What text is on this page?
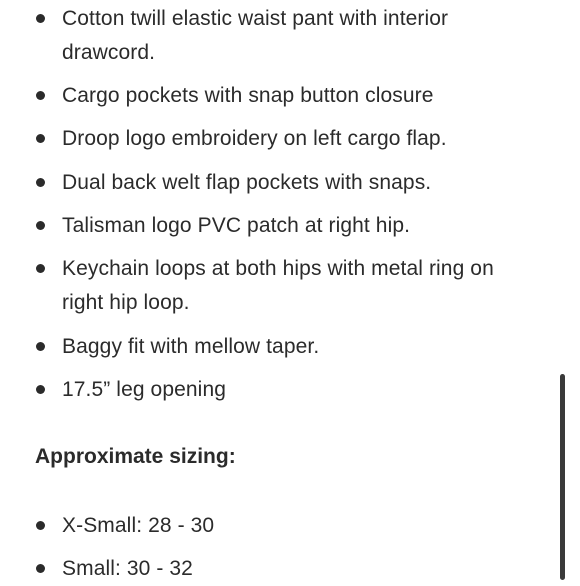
Cotton twill elastic waist pant with interior
drawcord.
Cargo pockets with snap button closure
Droop logo embroidery on left cargo flap.
Dual back welt flap pockets with snaps.
Talisman logo PVC patch at right hip.
Keychain loops at both hips with metal ring on
right hip loop.
Baggy fit with mellow taper.
17.5” leg opening
Approximate sizing:
X-Small: 28 - 30
Small: 30 - 32
